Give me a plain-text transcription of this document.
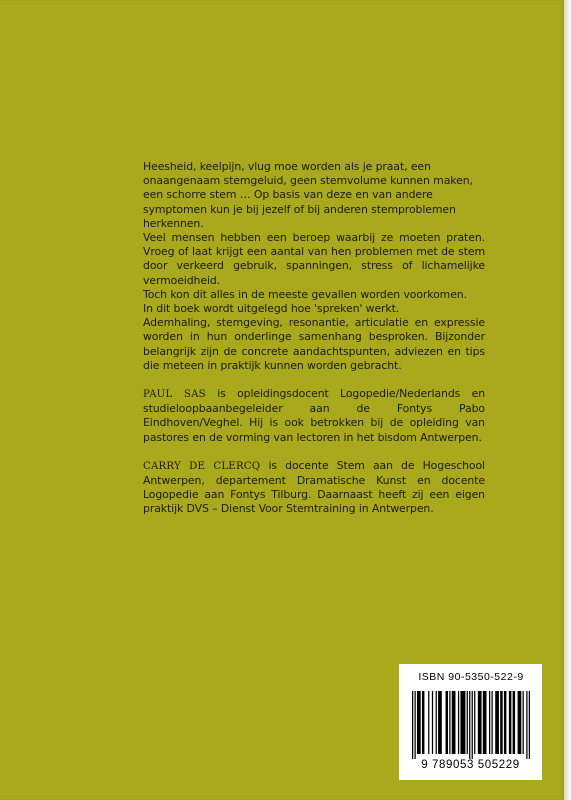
Heesheid, keelpijn, vlug moe worden als je praat, een onaangenaam stemgeluid, geen stemvolume kunnen maken, een schorre stem … Op basis van deze en van andere symptomen kun je bij jezelf of bij anderen stemproblemen herkennen.

Veel mensen hebben een beroep waarbij ze moeten praten. Vroeg of laat krijgt een aantal van hen problemen met de stem door verkeerd gebruik, spanningen, stress of lichamelijke vermoeidheid.

Toch kon dit alles in de meeste gevallen worden voorkomen.

In dit boek wordt uitgelegd hoe 'spreken' werkt.

Ademhaling, stemgeving, resonantie, articulatie en expressie worden in hun onderlinge samenhang besproken. Bijzonder belangrijk zijn de concrete aandachtspunten, adviezen en tips die meteen in praktijk kunnen worden gebracht.

PAUL SAS is opleidingsdocent Logopedie/Nederlands en studieloopbaanbegeleider aan de Fontys Pabo Eindhoven/Veghel. Hij is ook betrokken bij de opleiding van pastores en de vorming van lectoren in het bisdom Antwerpen.

CARRY DE CLERCQ is docente Stem aan de Hogeschool Antwerpen, departement Dramatische Kunst en docente Logopedie aan Fontys Tilburg. Daarnaast heeft zij een eigen praktijk DVS – Dienst Voor Stemtraining in Antwerpen.

ISBN 90-5350-522-9
9 789053 505229
